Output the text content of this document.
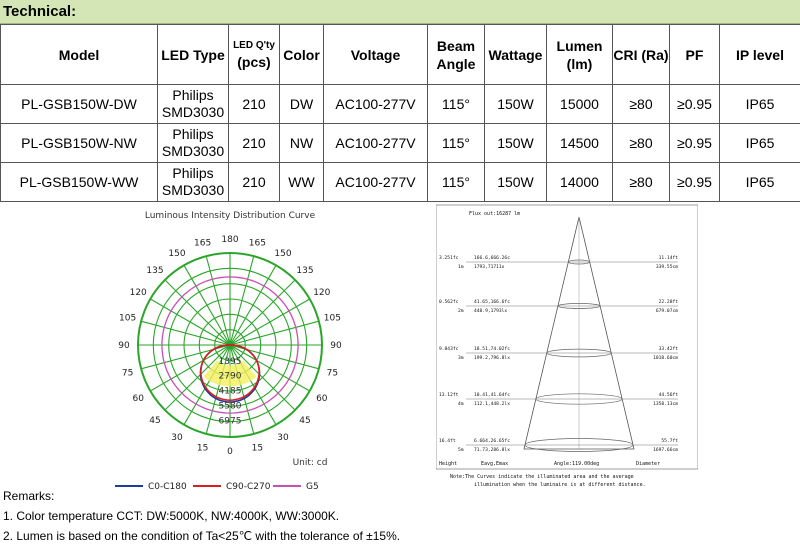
Technical:
Model	LED Type	LED Q'ty
(pcs)	Color	Voltage	Beam
Angle	Wattage	Lumen
(lm)	CRI (Ra)	PF	IP level
PL-GSB150W-DW	Philips
SMD3030	210	DW	AC100-277V	115°	150W	15000	≥80	≥0.95	IP65
PL-GSB150W-NW	Philips
SMD3030	210	NW	AC100-277V	115°	150W	14500	≥80	≥0.95	IP65
PL-GSB150W-WW	Philips
SMD3030	210	WW	AC100-277V	115°	150W	14000	≥80	≥0.95	IP65
Luminous Intensity Distribution Curve
180 165
165
150
150
135
135
120
120
105
105
90
90
75
75
60
60
45
45
30
30
15
15 0
1395
2790
4185
5580
6975
Unit: cd
C0-C180	C90-C270	G5
Flux out:16287 lm
3.251fc
1m
166.6,666.26c
1793,71711x
11.14ft
339.55cm
0.562fc
2m
41.65,166.6fc
448.9,1793lx
22.28ft
679.07cm
9.843fc
3m
18.51,74.02fc
199.2,796.8lx
33.42ft
1018.60cm
13.12ft
4m
10.41,41.64fc
112.1,448.2lx
44.56ft
1358.13cm
16.4ft
5m
6.664,26.65fc
71.73,286.8lx
55.7ft
1697.66cm
Height	Eavg,Emax	Angle:119.00deg	Diameter
Note:The Curves indicate the illuminated area and the average
illumination when the luminaire is at different distance.
Remarks:
1. Color temperature CCT: DW:5000K, NW:4000K, WW:3000K.
2. Lumen is based on the condition of Ta<25℃ with the tolerance of ±15%.
